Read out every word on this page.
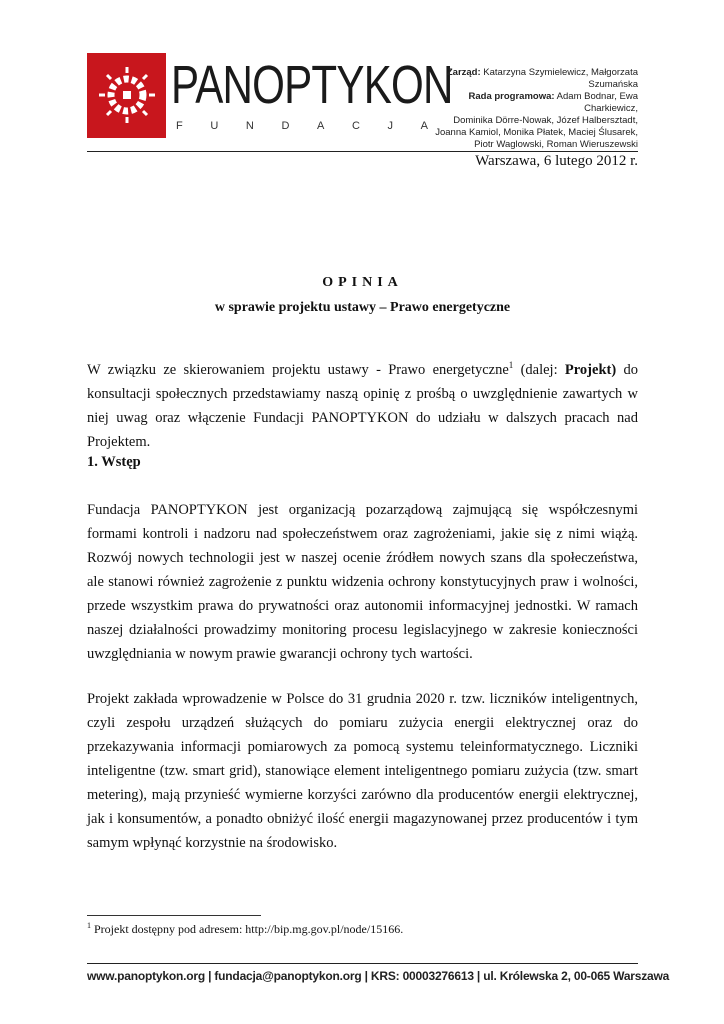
PANOPTYKON
F	U	N	D	A	C	J	A
Zarząd: Katarzyna Szymielewicz, Małgorzata Szumańska
Rada programowa: Adam Bodnar, Ewa Charkiewicz,
Dominika Dörre-Nowak, Józef Halbersztadt,
Joanna Kamiol, Monika Płatek, Maciej Ślusarek,
Piotr Waglowski, Roman Wieruszewski
Warszawa, 6 lutego 2012 r.
OPINIA
w sprawie projektu ustawy – Prawo energetyczne
W związku ze skierowaniem projektu ustawy - Prawo energetyczne$^1$ (dalej: Projekt) do konsultacji społecznych przedstawiamy naszą opinię z prośbą o uwzględnienie zawartych w niej uwag oraz włączenie Fundacji PANOPTYKON do udziału w dalszych pracach nad Projektem.
1. Wstęp
Fundacja PANOPTYKON jest organizacją pozarządową zajmującą się współczesnymi formami kontroli i nadzoru nad społeczeństwem oraz zagrożeniami, jakie się z nimi wiążą. Rozwój nowych technologii jest w naszej ocenie źródłem nowych szans dla społeczeństwa, ale stanowi również zagrożenie z punktu widzenia ochrony konstytucyjnych praw i wolności, przede wszystkim prawa do prywatności oraz autonomii informacyjnej jednostki. W ramach naszej działalności prowadzimy monitoring procesu legislacyjnego w zakresie konieczności uwzględniania w nowym prawie gwarancji ochrony tych wartości.
Projekt zakłada wprowadzenie w Polsce do 31 grudnia 2020 r. tzw. liczników inteligentnych, czyli zespołu urządzeń służących do pomiaru zużycia energii elektrycznej oraz do przekazywania informacji pomiarowych za pomocą systemu teleinformatycznego. Liczniki inteligentne (tzw. smart grid), stanowiące element inteligentnego pomiaru zużycia (tzw. smart metering), mają przynieść wymierne korzyści zarówno dla producentów energii elektrycznej, jak i konsumentów, a ponadto obniżyć ilość energii magazynowanej przez producentów i tym samym wpłynąć korzystnie na środowisko.
$^1$ Projekt dostępny pod adresem: http://bip.mg.gov.pl/node/15166.
www.panoptykon.org | fundacja@panoptykon.org | KRS: 00003276613 | ul. Królewska 2, 00-065 Warszawa
